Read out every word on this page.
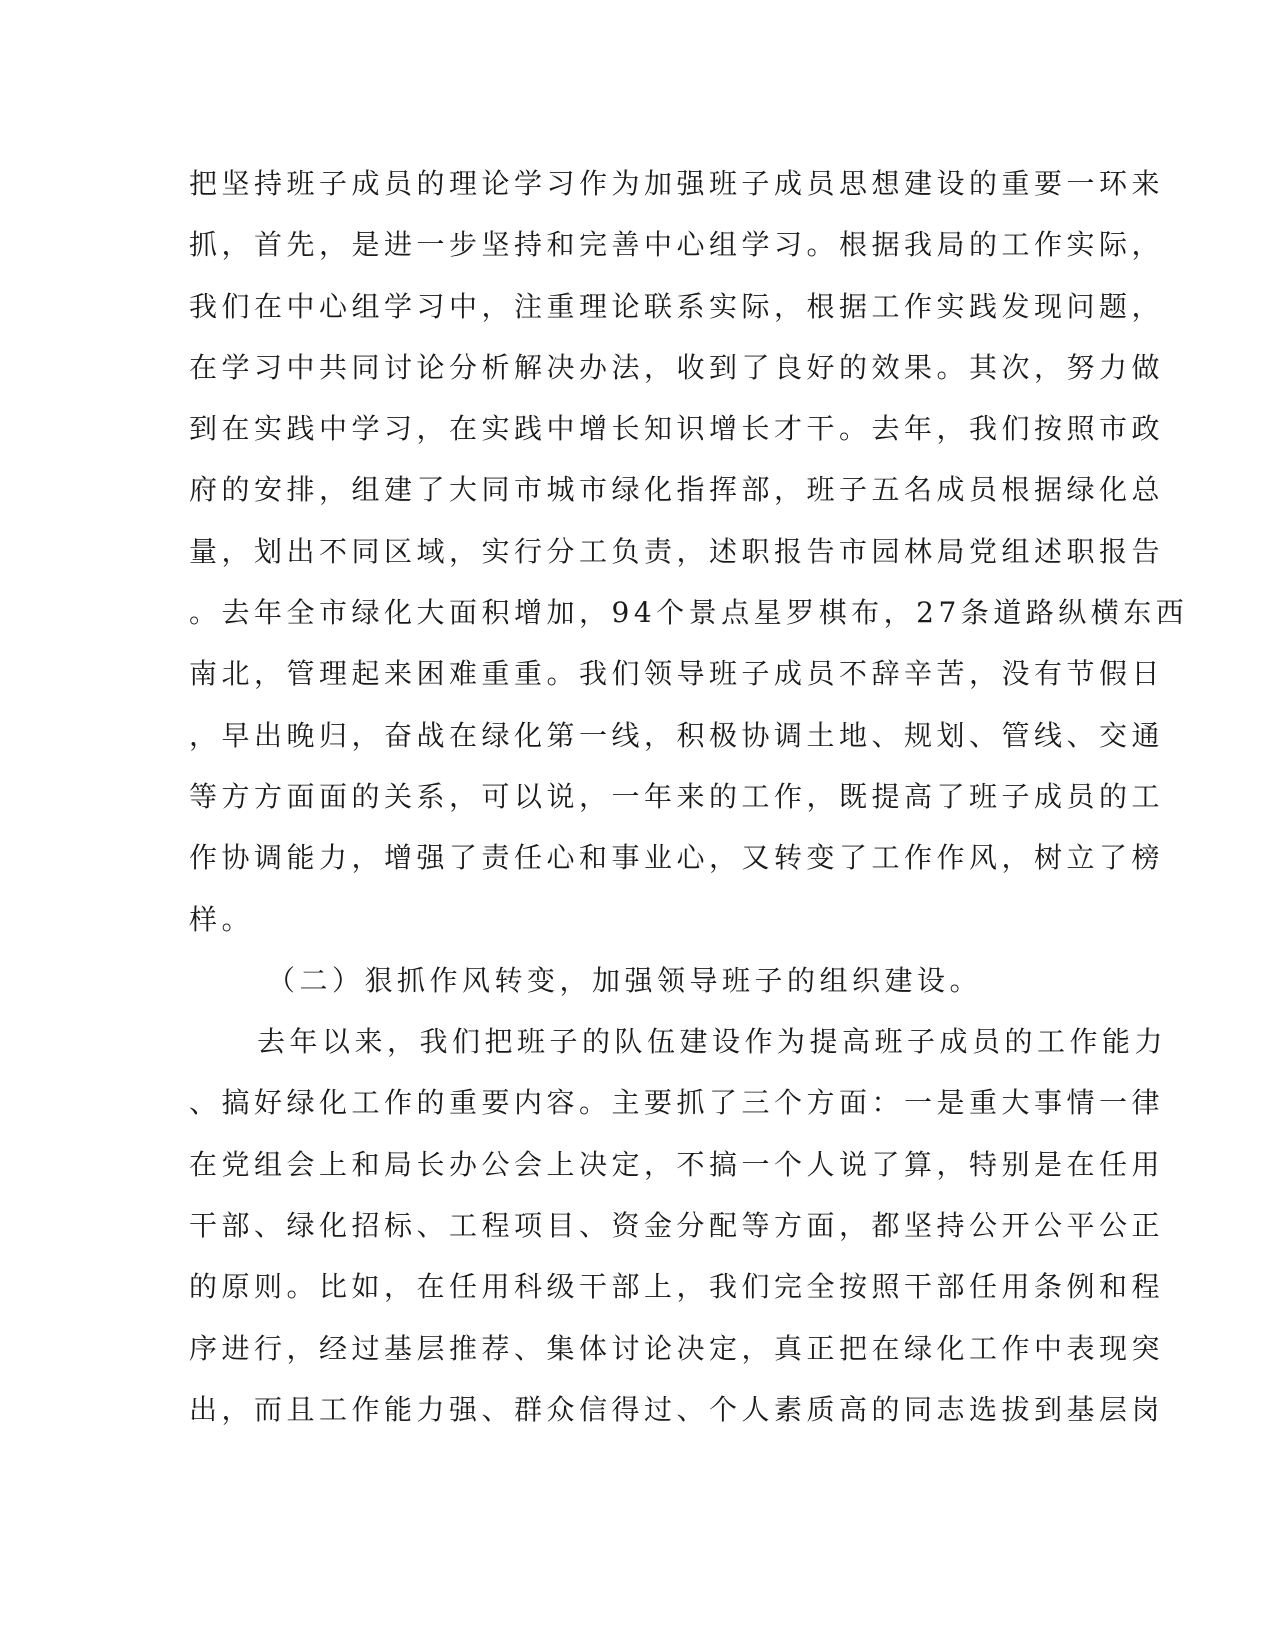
把坚持班子成员的理论学习作为加强班子成员思想建设的重要一环来
抓，首先，是进一步坚持和完善中心组学习。根据我局的工作实际，
我们在中心组学习中，注重理论联系实际，根据工作实践发现问题，
在学习中共同讨论分析解决办法，收到了良好的效果。其次，努力做
到在实践中学习，在实践中增长知识增长才干。去年，我们按照市政
府的安排，组建了大同市城市绿化指挥部，班子五名成员根据绿化总
量，划出不同区域，实行分工负责，述职报告市园林局党组述职报告
。去年全市绿化大面积增加，94个景点星罗棋布，27条道路纵横东西
南北，管理起来困难重重。我们领导班子成员不辞辛苦，没有节假日
，早出晚归，奋战在绿化第一线，积极协调土地、规划、管线、交通
等方方面面的关系，可以说，一年来的工作，既提高了班子成员的工
作协调能力，增强了责任心和事业心，又转变了工作作风，树立了榜
样。
（二）狠抓作风转变，加强领导班子的组织建设。
去年以来，我们把班子的队伍建设作为提高班子成员的工作能力
、搞好绿化工作的重要内容。主要抓了三个方面：一是重大事情一律
在党组会上和局长办公会上决定，不搞一个人说了算，特别是在任用
干部、绿化招标、工程项目、资金分配等方面，都坚持公开公平公正
的原则。比如，在任用科级干部上，我们完全按照干部任用条例和程
序进行，经过基层推荐、集体讨论决定，真正把在绿化工作中表现突
出，而且工作能力强、群众信得过、个人素质高的同志选拔到基层岗
